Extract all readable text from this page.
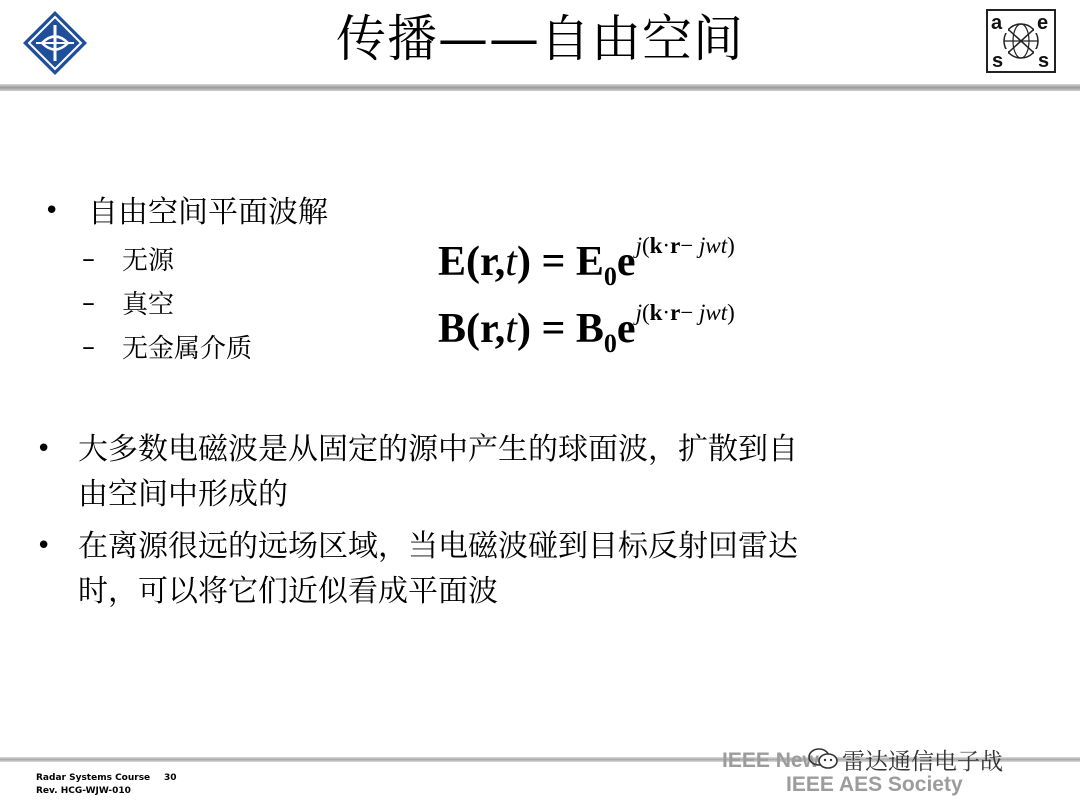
传播——自由空间	a e
s s
• 自由空间平面波解
– 无源
– 真空
– 无金属介质
$E(r,t) = E_0e^{j(k\cdot r- jwt)}$
$B(r,t) = B_0e^{j(k\cdot r- jwt)}$
• 大多数电磁波是从固定的源中产生的球面波，扩散到自
由空间中形成的
• 在离源很远的远场区域，当电磁波碰到目标反射回雷达
时，可以将它们近似看成平面波
Radar Systems Course 30
Rev. HCG-WJW-010
IEEE New
IEEE AES Society
雷达通信电子战
